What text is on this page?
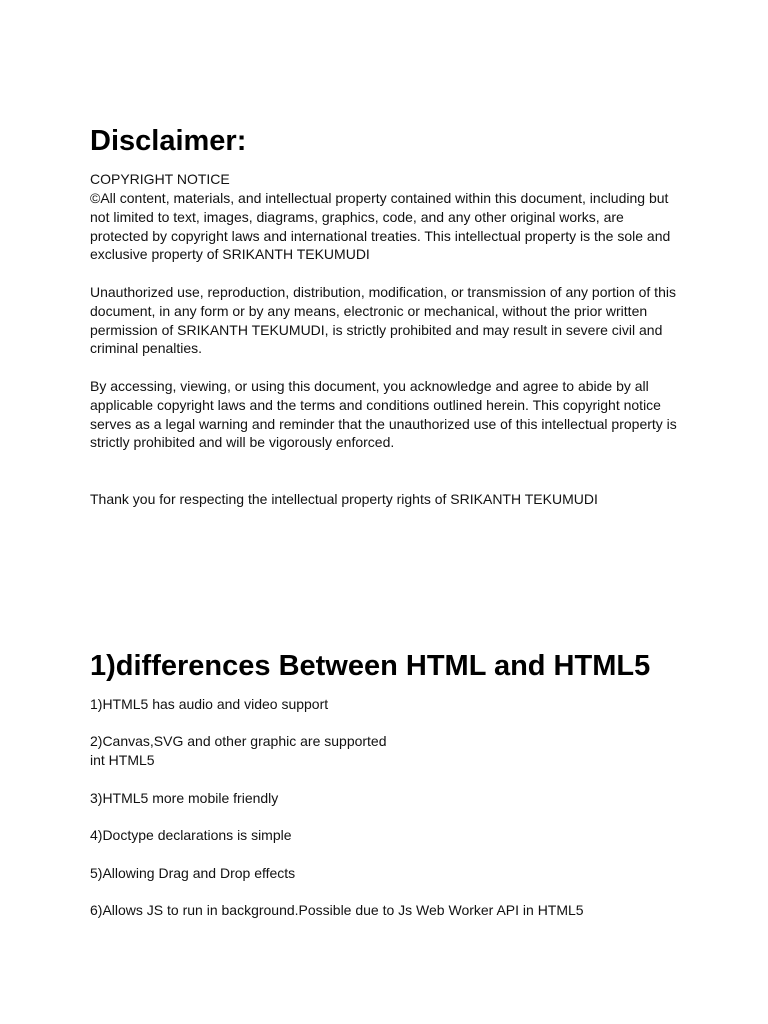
Disclaimer:

COPYRIGHT NOTICE

©All content, materials, and intellectual property contained within this document, including but
not limited to text, images, diagrams, graphics, code, and any other original works, are
protected by copyright laws and international treaties. This intellectual property is the sole and
exclusive property of SRIKANTH TEKUMUDI

Unauthorized use, reproduction, distribution, modification, or transmission of any portion of this
document, in any form or by any means, electronic or mechanical, without the prior written
permission of SRIKANTH TEKUMUDI, is strictly prohibited and may result in severe civil and
criminal penalties.

By accessing, viewing, or using this document, you acknowledge and agree to abide by all
applicable copyright laws and the terms and conditions outlined herein. This copyright notice
serves as a legal warning and reminder that the unauthorized use of this intellectual property is
strictly prohibited and will be vigorously enforced.

Thank you for respecting the intellectual property rights of SRIKANTH TEKUMUDI

1)differences Between HTML and HTML5

1)HTML5 has audio and video support

2)Canvas,SVG and other graphic are supported
int HTML5

3)HTML5 more mobile friendly

4)Doctype declarations is simple

5)Allowing Drag and Drop effects

6)Allows JS to run in background.Possible due to Js Web Worker API in HTML5
